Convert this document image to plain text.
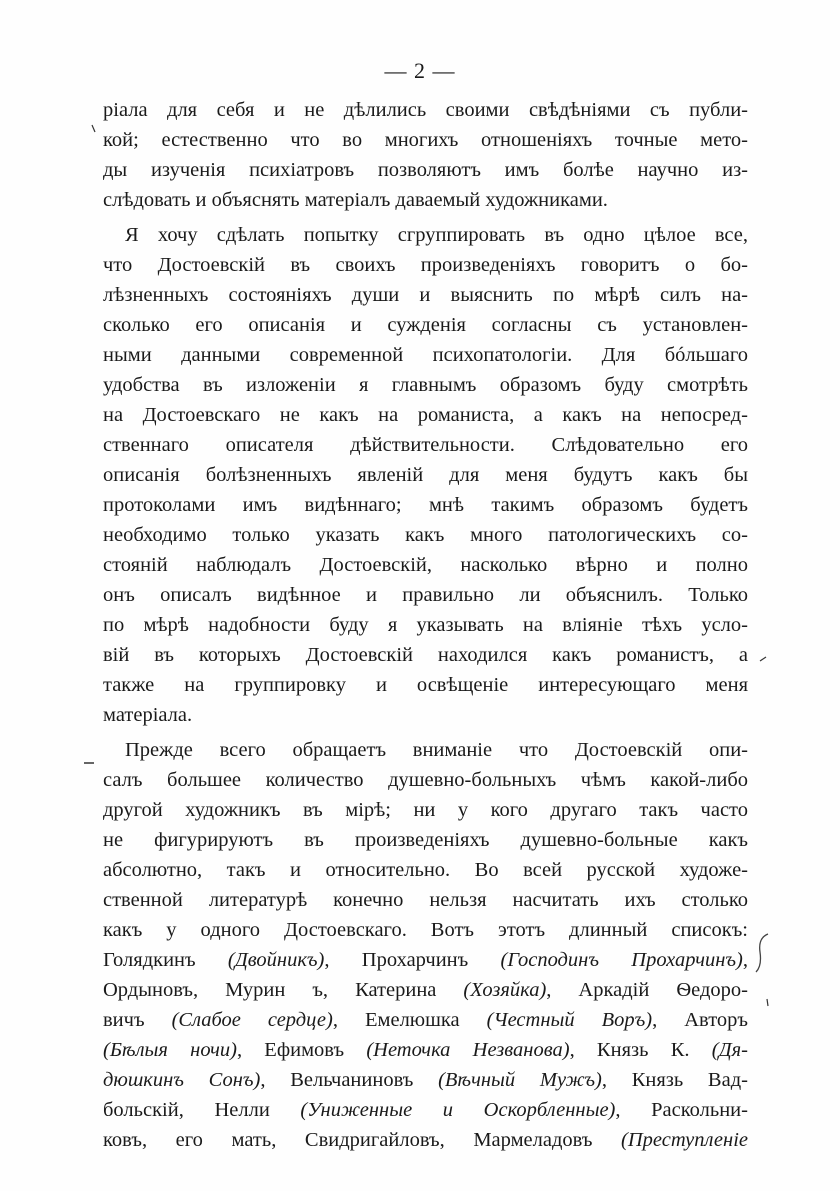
— 2 —
ріала для себя и не дѣлились своими свѣдѣніями съ публи-
кой; естественно что во многихъ отношеніяхъ точные мето-
ды изученія психіатровъ позволяютъ имъ болѣе научно из-
слѣдовать и объяснять матеріалъ даваемый художниками.
Я хочу сдѣлать попытку сгруппировать въ одно цѣлое все,
что Достоевскій въ своихъ произведеніяхъ говоритъ о бо-
лѣзненныхъ состояніяхъ души и выяснить по мѣрѣ силъ на-
сколько его описанія и сужденія согласны съ установлен-
ными данными современной психопатологіи. Для бóльшаго
удобства въ изложеніи я главнымъ образомъ буду смотрѣть
на Достоевскаго не какъ на романиста, а какъ на непосред-
ственнаго описателя дѣйствительности. Слѣдовательно его
описанія болѣзненныхъ явленій для меня будутъ какъ бы
протоколами имъ видѣннаго; мнѣ такимъ образомъ будетъ
необходимо только указать какъ много патологическихъ со-
стояній наблюдалъ Достоевскій, насколько вѣрно и полно
онъ описалъ видѣнное и правильно ли объяснилъ. Только
по мѣрѣ надобности буду я указывать на вліяніе тѣхъ усло-
вій въ которыхъ Достоевскій находился какъ романистъ, а
также на группировку и освѣщеніе интересующаго меня
матеріала.
Прежде всего обращаетъ вниманіе что Достоевскій опи-
салъ большее количество душевно-больныхъ чѣмъ какой-либо
другой художникъ въ мірѣ; ни у кого другаго такъ часто
не фигурируютъ въ произведеніяхъ душевно-больные какъ
абсолютно, такъ и относительно. Во всей русской художе-
ственной литературѣ конечно нельзя насчитать ихъ столько
какъ у одного Достоевскаго. Вотъ этотъ длинный списокъ:
Голядкинъ (Двойникъ), Прохарчинъ (Господинъ Прохарчинъ),
Ордыновъ, Мурин ъ, Катерина (Хозяйка), Аркадій Ѳедоро-
вичъ (Слабое сердце), Емелюшка (Честный Воръ), Авторъ
(Бѣлыя ночи), Ефимовъ (Неточка Незванова), Князь К. (Дя-
дюшкинъ Сонъ), Вельчаниновъ (Вѣчный Мужъ), Князь Вад-
больскій, Нелли (Униженные и Оскорбленные), Раскольни-
ковъ, его мать, Свидригайловъ, Мармеладовъ (Преступленіе
